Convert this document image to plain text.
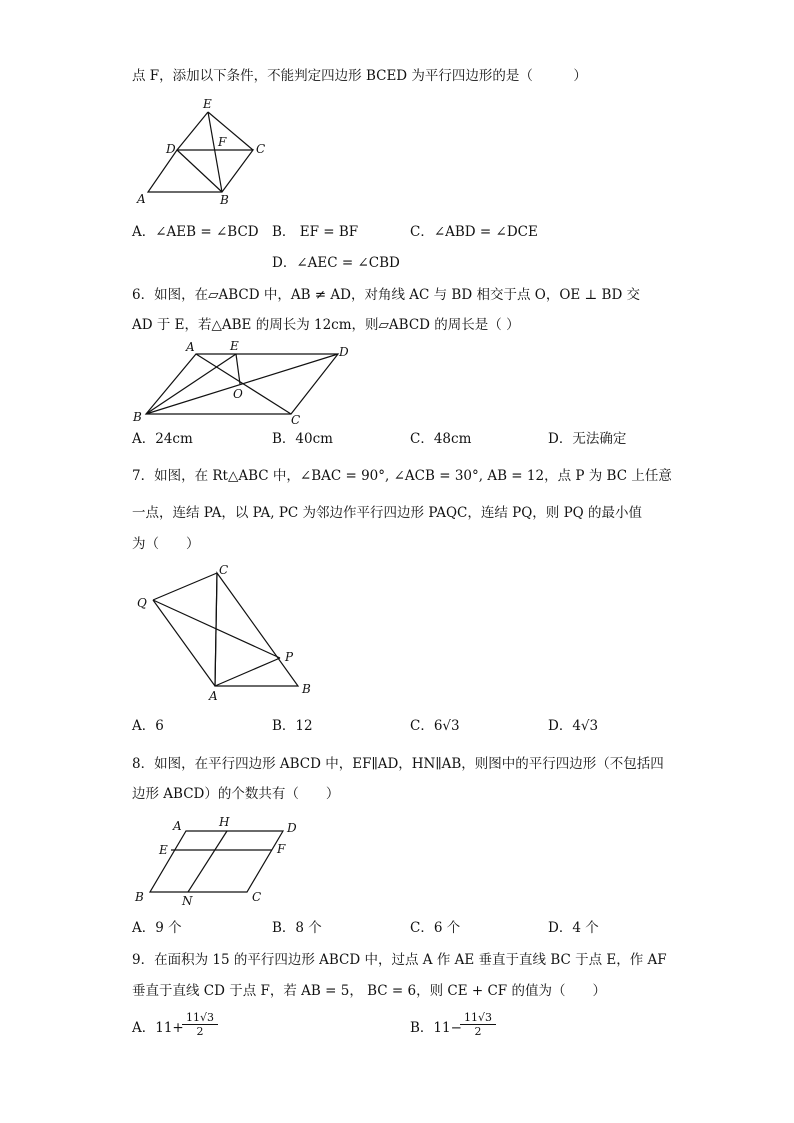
点 F，添加以下条件，不能判定四边形 BCED 为平行四边形的是（　　　）
E
D	F C
A	B
A．∠AEB = ∠BCD B． EF = BF	C．∠ABD = ∠DCE
D．∠AEC = ∠CBD
6．如图，在▱ABCD 中，AB ≠ AD，对角线 AC 与 BD 相交于点 O，OE ⊥ BD 交
AD 于 E，若△ABE 的周长为 12cm，则▱ABCD 的周长是（ ）
A	E	D
O
B	C
A．24cm	B．40cm	C．48cm	D．无法确定
7．如图，在 Rt△ABC 中，∠BAC = 90°, ∠ACB = 30°, AB = 12，点 P 为 BC 上任意
一点，连结 PA，以 PA, PC 为邻边作平行四边形 PAQC，连结 PQ，则 PQ 的最小值
为（　　）
C
Q
P
A	B
A．6	B．12	C．6√3	D．4√3
8．如图，在平行四边形 ABCD 中，EF∥AD，HN∥AB，则图中的平行四边形（不包括四
边形 ABCD）的个数共有（　　）
A	H	D
E	F
B	N	C
A．9 个	B．8 个	C．6 个	D．4 个
9．在面积为 15 的平行四边形 ABCD 中，过点 A 作 AE 垂直于直线 BC 于点 E，作 AF
垂直于直线 CD 于点 F，若 AB = 5， BC = 6，则 CE + CF 的值为（　　）
A．11+
$\frac{11√3}{2}$	B．11−
$\frac{11√3}{2}$
